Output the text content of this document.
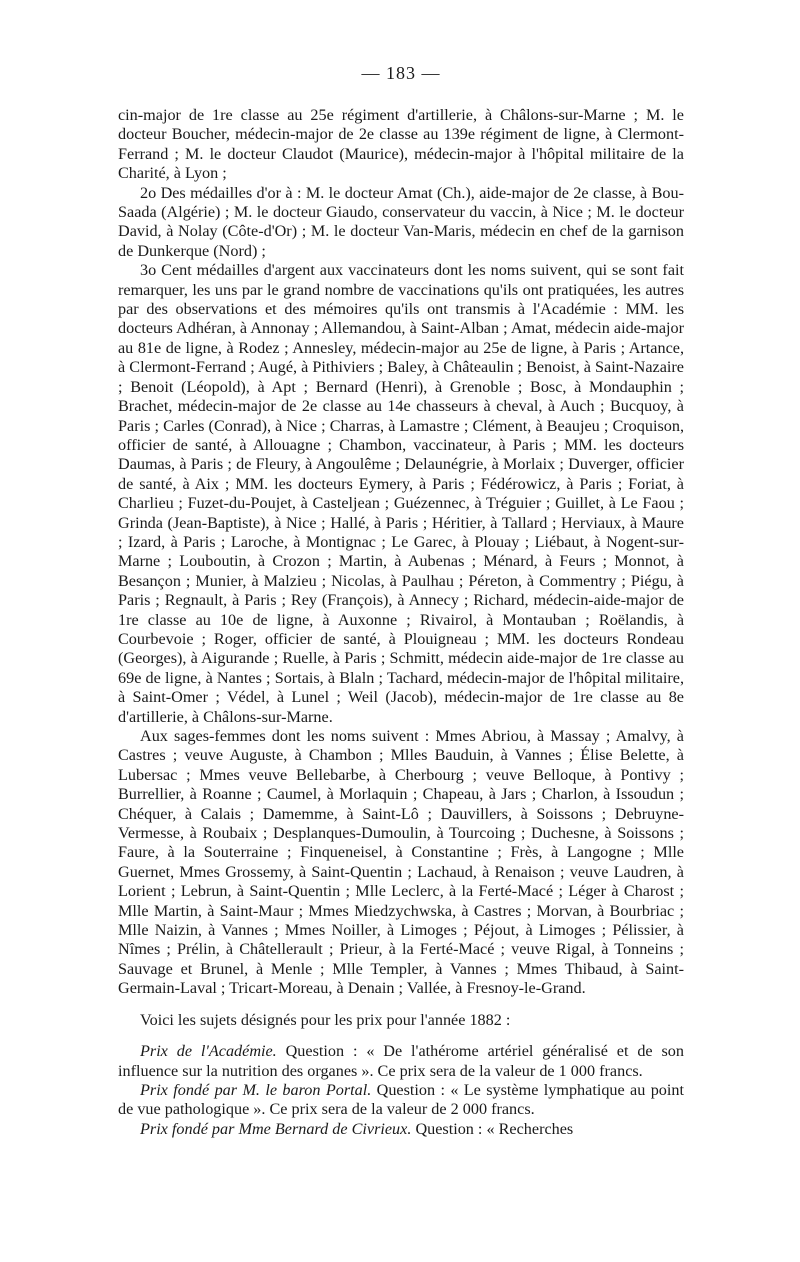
— 183 —

cin-major de 1re classe au 25e régiment d'artillerie, à Châlons-sur-Marne ; M. le docteur Boucher, médecin-major de 2e classe au 139e régiment de ligne, à Clermont-Ferrand ; M. le docteur Claudot (Maurice), médecin-major à l'hôpital militaire de la Charité, à Lyon ;

2o Des médailles d'or à : M. le docteur Amat (Ch.), aide-major de 2e classe, à Bou-Saada (Algérie) ; M. le docteur Giaudo, conservateur du vaccin, à Nice ; M. le docteur David, à Nolay (Côte-d'Or) ; M. le docteur Van-Maris, médecin en chef de la garnison de Dunkerque (Nord) ;

3o Cent médailles d'argent aux vaccinateurs dont les noms suivent, qui se sont fait remarquer, les uns par le grand nombre de vaccinations qu'ils ont pratiquées, les autres par des observations et des mémoires qu'ils ont transmis à l'Académie : MM. les docteurs Adhéran, à Annonay ; Allemandou, à Saint-Alban ; Amat, médecin aide-major au 81e de ligne, à Rodez ; Annesley, médecin-major au 25e de ligne, à Paris ; Artance, à Clermont-Ferrand ; Augé, à Pithiviers ; Baley, à Châteaulin ; Benoist, à Saint-Nazaire ; Benoit (Léopold), à Apt ; Bernard (Henri), à Grenoble ; Bosc, à Mondauphin ; Brachet, médecin-major de 2e classe au 14e chasseurs à cheval, à Auch ; Bucquoy, à Paris ; Carles (Conrad), à Nice ; Charras, à Lamastre ; Clément, à Beaujeu ; Croquison, officier de santé, à Allouagne ; Chambon, vaccinateur, à Paris ; MM. les docteurs Daumas, à Paris ; de Fleury, à Angoulême ; Delaunégrie, à Morlaix ; Duverger, officier de santé, à Aix ; MM. les docteurs Eymery, à Paris ; Fédérowicz, à Paris ; Foriat, à Charlieu ; Fuzet-du-Poujet, à Casteljean ; Guézennec, à Tréguier ; Guillet, à Le Faou ; Grinda (Jean-Baptiste), à Nice ; Hallé, à Paris ; Héritier, à Tallard ; Herviaux, à Maure ; Izard, à Paris ; Laroche, à Montignac ; Le Garec, à Plouay ; Liébaut, à Nogent-sur-Marne ; Louboutin, à Crozon ; Martin, à Aubenas ; Ménard, à Feurs ; Monnot, à Besançon ; Munier, à Malzieu ; Nicolas, à Paulhau ; Péreton, à Commentry ; Piégu, à Paris ; Regnault, à Paris ; Rey (François), à Annecy ; Richard, médecin-aide-major de 1re classe au 10e de ligne, à Auxonne ; Rivairol, à Montauban ; Roëlandis, à Courbevoie ; Roger, officier de santé, à Plouigneau ; MM. les docteurs Rondeau (Georges), à Aigurande ; Ruelle, à Paris ; Schmitt, médecin aide-major de 1re classe au 69e de ligne, à Nantes ; Sortais, à Blaln ; Tachard, médecin-major de l'hôpital militaire, à Saint-Omer ; Védel, à Lunel ; Weil (Jacob), médecin-major de 1re classe au 8e d'artillerie, à Châlons-sur-Marne.

Aux sages-femmes dont les noms suivent : Mmes Abriou, à Massay ; Amalvy, à Castres ; veuve Auguste, à Chambon ; Mlles Bauduin, à Vannes ; Élise Belette, à Lubersac ; Mmes veuve Bellebarbe, à Cherbourg ; veuve Belloque, à Pontivy ; Burrellier, à Roanne ; Caumel, à Morlaquin ; Chapeau, à Jars ; Charlon, à Issoudun ; Chéquer, à Calais ; Damemme, à Saint-Lô ; Dauvillers, à Soissons ; Debruyne-Vermesse, à Roubaix ; Desplanques-Dumoulin, à Tourcoing ; Duchesne, à Soissons ; Faure, à la Souterraine ; Finqueneisel, à Constantine ; Frès, à Langogne ; Mlle Guernet, Mmes Grossemy, à Saint-Quentin ; Lachaud, à Renaison ; veuve Laudren, à Lorient ; Lebrun, à Saint-Quentin ; Mlle Leclerc, à la Ferté-Macé ; Léger à Charost ; Mlle Martin, à Saint-Maur ; Mmes Miedzychwska, à Castres ; Morvan, à Bourbriac ; Mlle Naizin, à Vannes ; Mmes Noiller, à Limoges ; Péjout, à Limoges ; Pélissier, à Nîmes ; Prélin, à Châtellerault ; Prieur, à la Ferté-Macé ; veuve Rigal, à Tonneins ; Sauvage et Brunel, à Menle ; Mlle Templer, à Vannes ; Mmes Thibaud, à Saint-Germain-Laval ; Tricart-Moreau, à Denain ; Vallée, à Fresnoy-le-Grand.

Voici les sujets désignés pour les prix pour l'année 1882 :

Prix de l'Académie. Question : « De l'athérome artériel généralisé et de son influence sur la nutrition des organes ». Ce prix sera de la valeur de 1 000 francs.

Prix fondé par M. le baron Portal. Question : « Le système lymphatique au point de vue pathologique ». Ce prix sera de la valeur de 2 000 francs.

Prix fondé par Mme Bernard de Civrieux. Question : « Recherches
